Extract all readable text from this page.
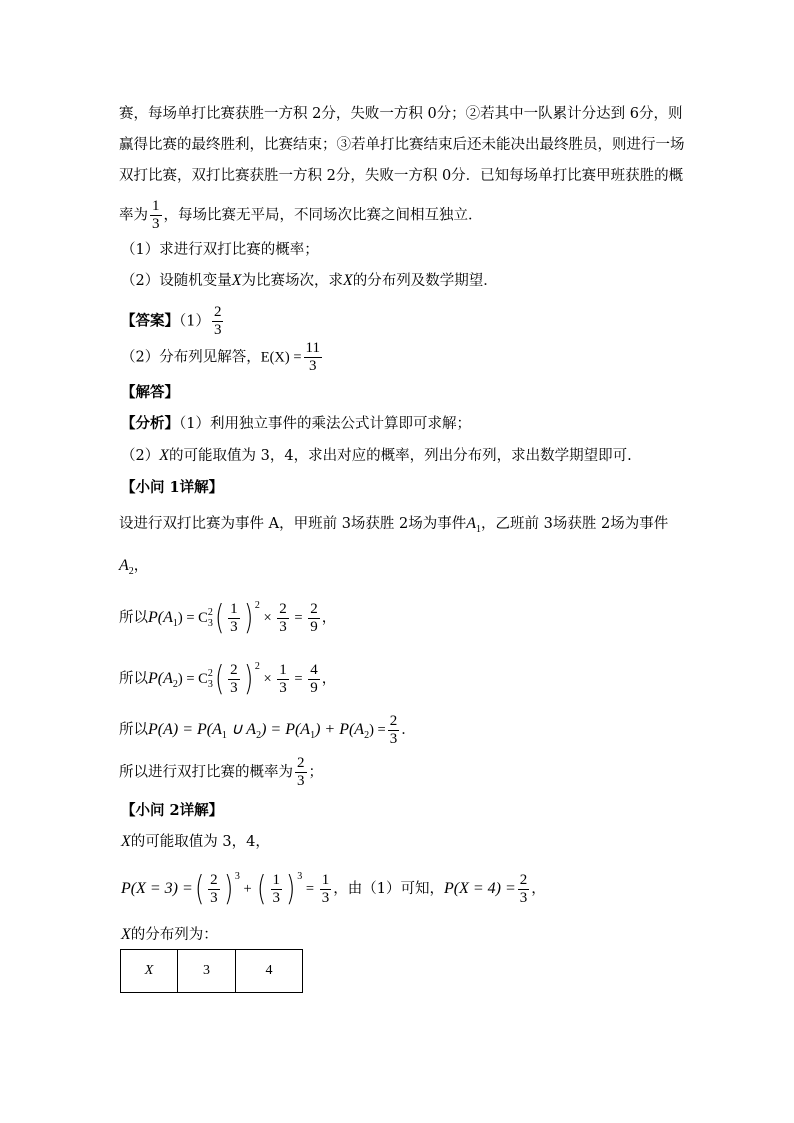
赛，每场单打比赛获胜一方积 2分，失败一方积 0分；②若其中一队累计分达到 6分，则
赢得比赛的最终胜利，比赛结束；③若单打比赛结束后还未能决出最终胜员，则进行一场
双打比赛，双打比赛获胜一方积 2分，失败一方积 0分．已知每场单打比赛甲班获胜的概
率为 $\frac{1}{3}$ ，每场比赛无平局，不同场次比赛之间相互独立．
（1）求进行双打比赛的概率；
（2）设随机变量X为比赛场次，求X的分布列及数学期望．
【答案】$(1) \frac{2}{3}$
（2）分布列见解答，$E(X) = \frac{11}{3}$
【解答】
【分析】（1）利用独立事件的乘法公式计算即可求解；
（2）X的可能取值为 3，4，求出对应的概率，列出分布列，求出数学期望即可.
【小问 1详解】
设进行双打比赛为事件 A，甲班前 3场获胜 2场为事件$A_1$，乙班前 3场获胜 2场为事件
$A_2$，
所以$P(A_1) = C$ 2
3 ( $\frac{1}{3}$ ) $^2 \times \frac{2}{3} = \frac{2}{9}$ ，
所以$P(A_2) = C$ 2
3 ( $\frac{2}{3}$ ) $^2 \times \frac{1}{3} = \frac{4}{9}$ ，
所以$P(A) = P(A_1$ ∪ $A_2) = P(A_1) + P(A_2) = \frac{2}{3}$ ．
所以进行双打比赛的概率为 $\frac{2}{3}$ ；
【小问 2详解】
X的可能取值为 3，4，
P(X = 3) = ( $\frac{2}{3}$ ) $^3$ + ( $\frac{1}{3}$ ) $^3 = \frac{1}{3}$ ，由（1）可知，$P(X = 4) = \frac{2}{3}$ ，
X的分布列为：
X	3	4
